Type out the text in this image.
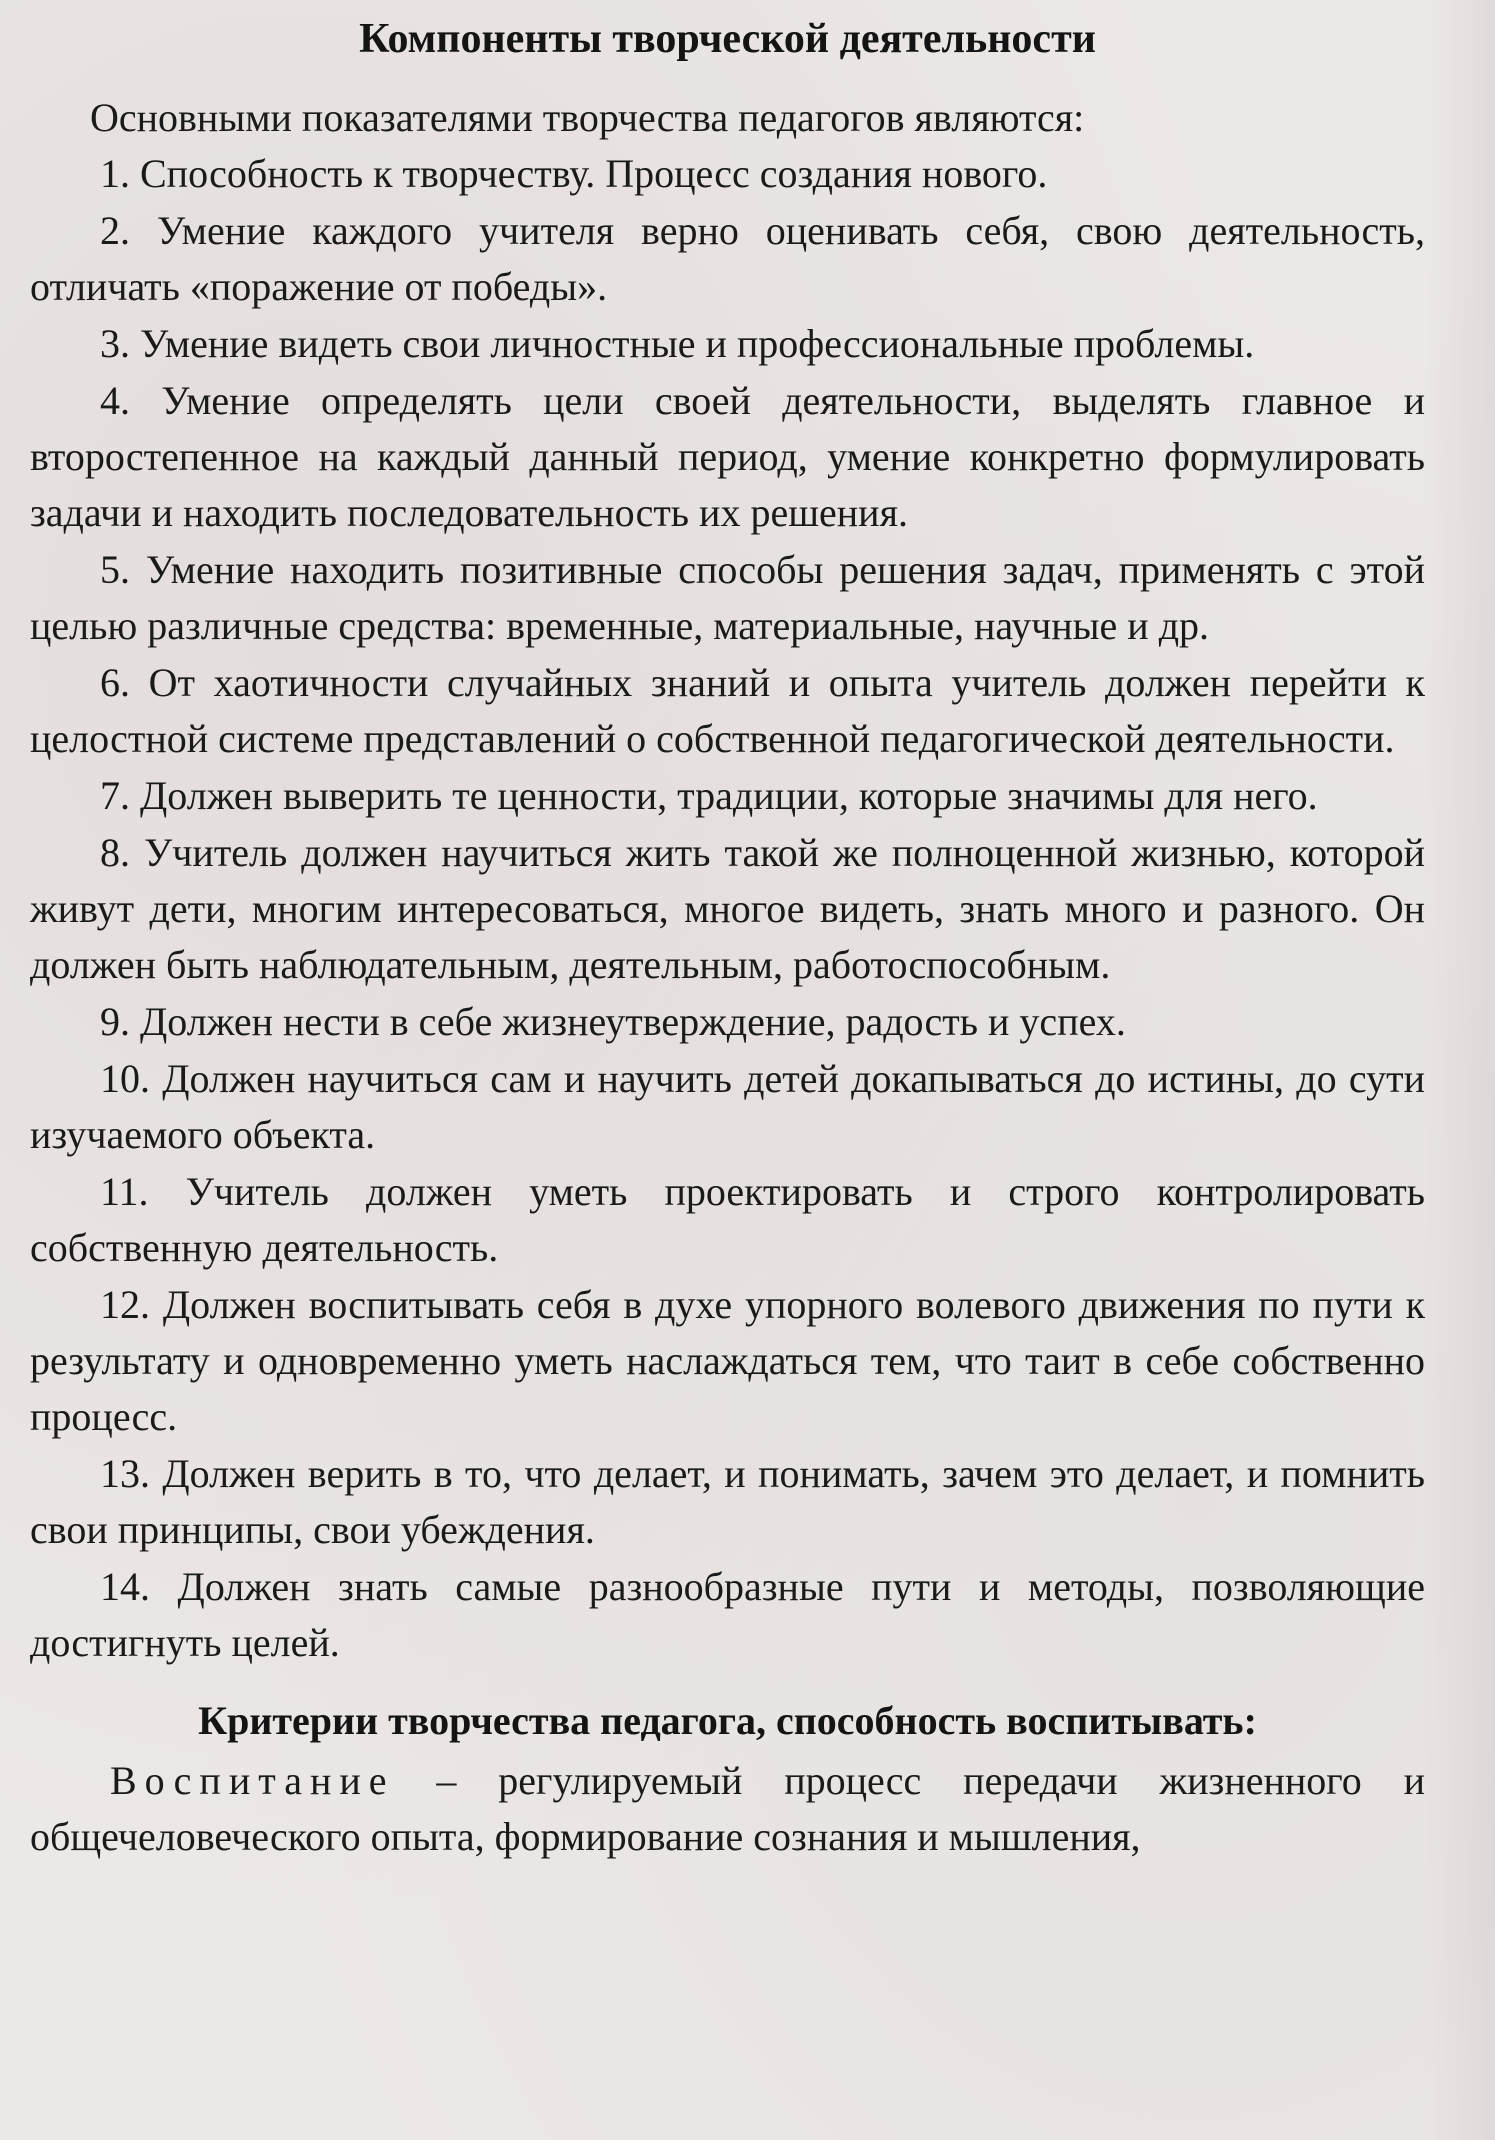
Компоненты творческой деятельности

Основными показателями творчества педагогов являются:

1. Способность к творчеству. Процесс создания нового.
2. Умение каждого учителя верно оценивать себя, свою деятельность, отличать «поражение от победы».
3. Умение видеть свои личностные и профессиональные проблемы.
4. Умение определять цели своей деятельности, выделять главное и второстепенное на каждый данный период, умение конкретно формулировать задачи и находить последовательность их решения.
5. Умение находить позитивные способы решения задач, применять с этой целью различные средства: временные, материальные, научные и др.
6. От хаотичности случайных знаний и опыта учитель должен перейти к целостной системе представлений о собственной педагогической деятельности.
7. Должен выверить те ценности, традиции, которые значимы для него.
8. Учитель должен научиться жить такой же полноценной жизнью, которой живут дети, многим интересоваться, многое видеть, знать много и разного. Он должен быть наблюдательным, деятельным, работоспособным.
9. Должен нести в себе жизнеутверждение, радость и успех.
10. Должен научиться сам и научить детей докапываться до истины, до сути изучаемого объекта.
11. Учитель должен уметь проектировать и строго контролировать собственную деятельность.
12. Должен воспитывать себя в духе упорного волевого движения по пути к результату и одновременно уметь наслаждаться тем, что таит в себе собственно процесс.
13. Должен верить в то, что делает, и понимать, зачем это делает, и помнить свои принципы, свои убеждения.
14. Должен знать самые разнообразные пути и методы, позволяющие достигнуть целей.
Критерии творчества педагога, способность воспитывать:

Воспитание – регулируемый процесс передачи жизненного и общечеловеческого опыта, формирование сознания и мышления,
